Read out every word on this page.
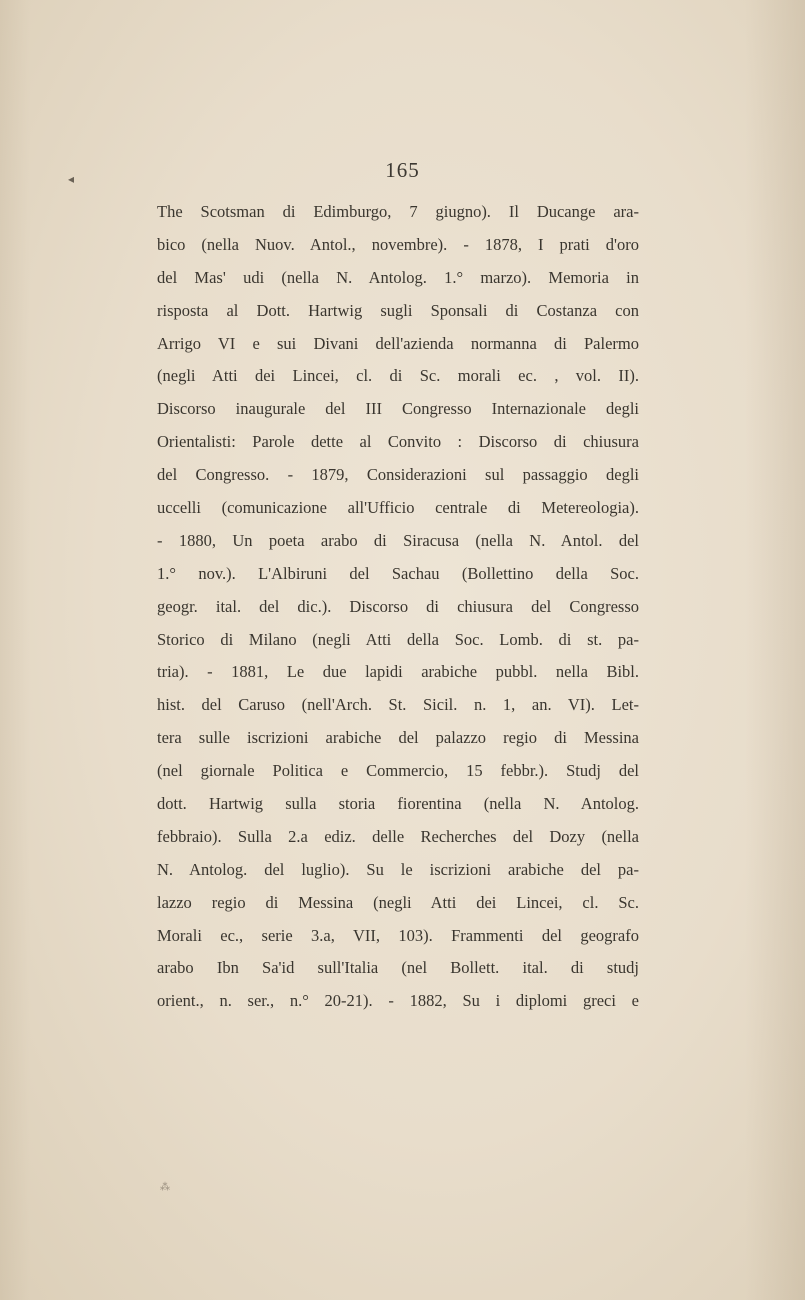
◂	165
The Scotsman di Edimburgo, 7 giugno). Il Ducange ara-
bico (nella Nuov. Antol., novembre). - 1878, I prati d'oro
del Mas' udi (nella N. Antolog. 1.° marzo). Memoria in
risposta al Dott. Hartwig sugli Sponsali di Costanza con
Arrigo VI e sui Divani dell'azienda normanna di Palermo
(negli Atti dei Lincei, cl. di Sc. morali ec. , vol. II).
Discorso inaugurale del III Congresso Internazionale degli
Orientalisti: Parole dette al Convito : Discorso di chiusura
del Congresso. - 1879, Considerazioni sul passaggio degli
uccelli (comunicazione all'Ufficio centrale di Metereologia).
- 1880, Un poeta arabo di Siracusa (nella N. Antol. del
1.° nov.). L'Albiruni del Sachau (Bollettino della Soc.
geogr. ital. del dic.). Discorso di chiusura del Congresso
Storico di Milano (negli Atti della Soc. Lomb. di st. pa-
tria). - 1881, Le due lapidi arabiche pubbl. nella Bibl.
hist. del Caruso (nell'Arch. St. Sicil. n. 1, an. VI). Let-
tera sulle iscrizioni arabiche del palazzo regio di Messina
(nel giornale Politica e Commercio, 15 febbr.). Studj del
dott. Hartwig sulla storia fiorentina (nella N. Antolog.
febbraio). Sulla 2.a ediz. delle Recherches del Dozy (nella
N. Antolog. del luglio). Su le iscrizioni arabiche del pa-
lazzo regio di Messina (negli Atti dei Lincei, cl. Sc.
Morali ec., serie 3.a, VII, 103). Frammenti del geografo
arabo Ibn Sa'id sull'Italia (nel Bollett. ital. di studj
orient., n. ser., n.° 20-21). - 1882, Su i diplomi greci e
⁂
